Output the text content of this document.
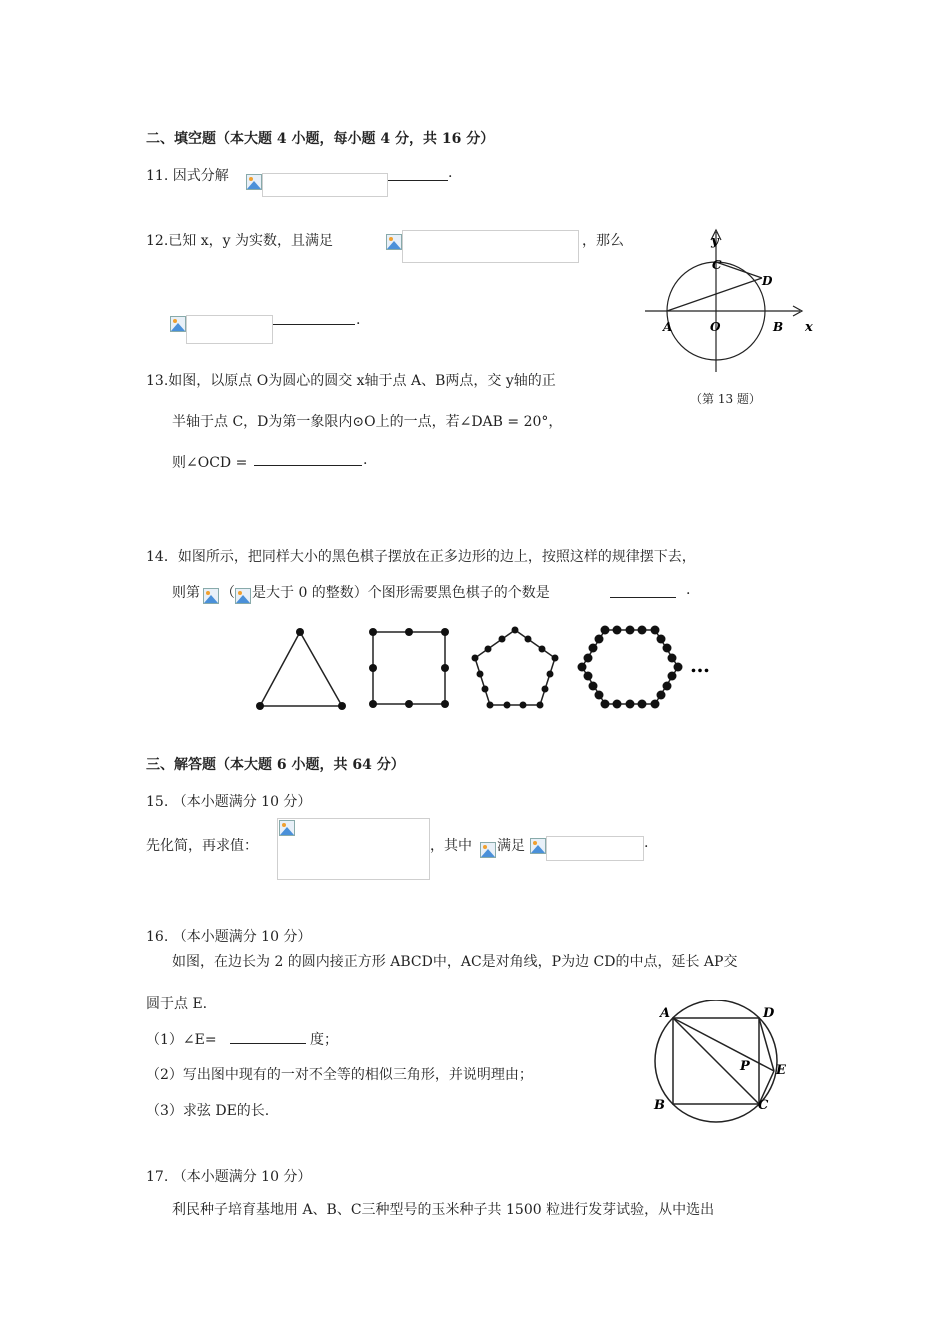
二、填空题（本大题 4 小题，每小题 4 分，共 16 分）
11. 因式分解	.
12.已知 x，y 为实数，且满足	，那么
.
y
C
D
A	O	B x
（第 13 题）
13.如图，以原点 O为圆心的圆交 x轴于点 A、B两点，交 y轴的正
半轴于点 C，D为第一象限内⊙O上的一点，若∠DAB = 20°，
则∠OCD =	.
14．如图所示，把同样大小的黑色棋子摆放在正多边形的边上，按照这样的规律摆下去，
则第 （ 是大于 0 的整数）个图形需要黑色棋子的个数是	.
…
三、解答题（本大题 6 小题，共 64 分）
15. （本小题满分 10 分）
先化简，再求值：	，其中 满足	.
16. （本小题满分 10 分）
如图，在边长为 2 的圆内接正方形 ABCD中，AC是对角线，P为边 CD的中点，延长 AP交
圆于点 E.
（1）∠E=	度；
（2）写出图中现有的一对不全等的相似三角形，并说明理由；
（3）求弦 DE的长.
A	D
P E
B	C
17. （本小题满分 10 分）
利民种子培育基地用 A、B、C三种型号的玉米种子共 1500 粒进行发芽试验，从中选出
